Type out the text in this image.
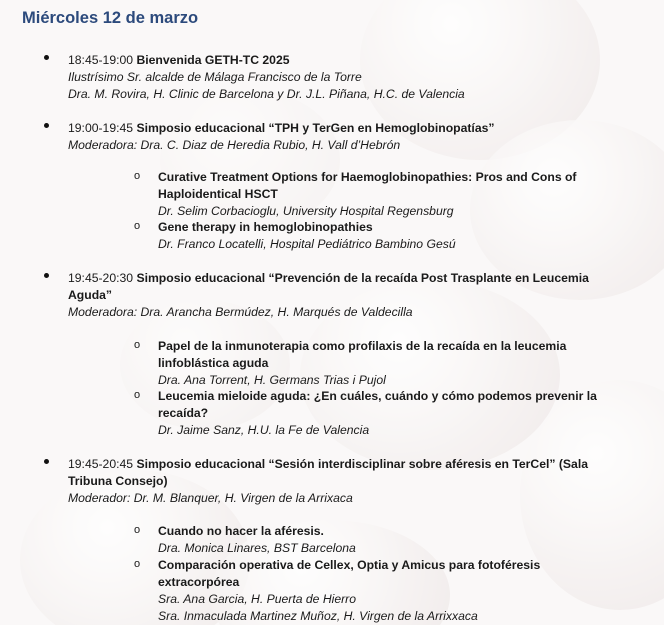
Miércoles 12 de marzo
18:45-19:00 Bienvenida GETH-TC 2025
Ilustrísimo Sr. alcalde de Málaga Francisco de la Torre
Dra. M. Rovira, H. Clinic de Barcelona y Dr. J.L. Piñana, H.C. de Valencia
19:00-19:45 Simposio educacional “TPH y TerGen en Hemoglobinopatías”
Moderadora: Dra. C. Diaz de Heredia Rubio, H. Vall d’Hebrón
o Curative Treatment Options for Haemoglobinopathies: Pros and Cons of Haploidentical HSCT
Dr. Selim Corbacioglu, University Hospital Regensburg
o Gene therapy in hemoglobinopathies
Dr. Franco Locatelli, Hospital Pediátrico Bambino Gesú
19:45-20:30 Simposio educacional “Prevención de la recaída Post Trasplante en Leucemia Aguda”
Moderadora: Dra. Arancha Bermúdez, H. Marqués de Valdecilla
o Papel de la inmunoterapia como profilaxis de la recaída en la leucemia linfoblástica aguda
Dra. Ana Torrent, H. Germans Trias i Pujol
o Leucemia mieloide aguda: ¿En cuáles, cuándo y cómo podemos prevenir la recaída?
Dr. Jaime Sanz, H.U. la Fe de Valencia
19:45-20:45 Simposio educacional “Sesión interdisciplinar sobre aféresis en TerCel” (Sala Tribuna Consejo)
Moderador: Dr. M. Blanquer, H. Virgen de la Arrixaca
o Cuando no hacer la aféresis.
Dra. Monica Linares, BST Barcelona
o Comparación operativa de Cellex, Optia y Amicus para fotoféresis extracorpórea
Sra. Ana Garcia, H. Puerta de Hierro
Sra. Inmaculada Martinez Muñoz, H. Virgen de la Arrixxaca
